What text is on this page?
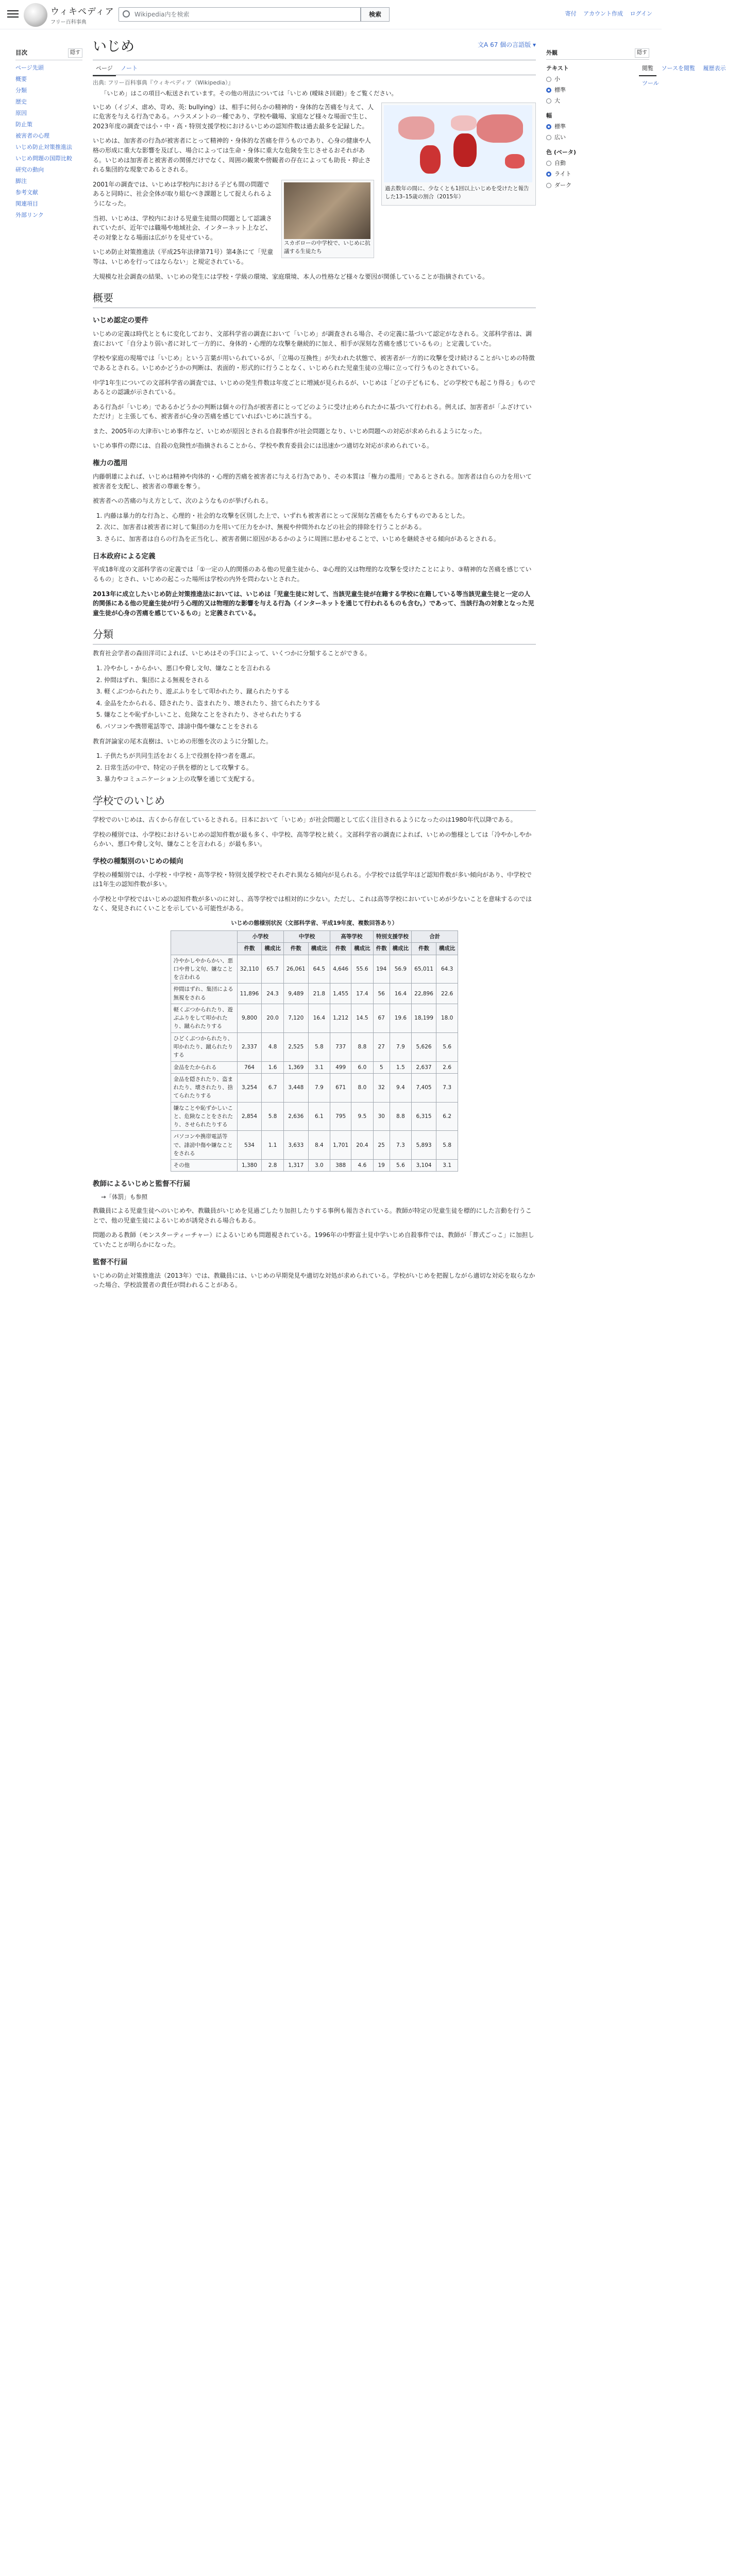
ウィキペディア
フリー百科事典
Wikipedia内を検索	検索	寄付 アカウント作成 ログイン
目次	隠す
ページ先頭
概要
分類
歴史
原因
防止策
被害者の心理
いじめ防止対策推進法
いじめ問題の国際比較
研究の動向
脚注
参考文献
関連項目
外部リンク
いじめ	文A 67 個の言語版 ▾
ページ ノート	閲覧 ソースを閲覧 履歴表示 ツール
出典: フリー百科事典『ウィキペディア（Wikipedia）』
「いじめ」はこの項目へ転送されています。その他の用法については「いじめ (曖昧さ回避)」をご覧ください。
過去数年の間に、少なくとも1回以上いじめを受けたと報告した13–15歳の割合（2015年）

いじめ（イジメ、虐め、苛め、英: bullying）は、相手に何らかの精神的・身体的な苦痛を与えて、人に危害を与える行為である。ハラスメントの一種であり、学校や職場、家庭など様々な場面で生じ、2023年度の調査では小・中・高・特別支援学校におけるいじめの認知件数は過去最多を記録した。

いじめは、加害者の行為が被害者にとって精神的・身体的な苦痛を伴うものであり、心身の健康や人格の形成に重大な影響を及ぼし、場合によっては生命・身体に重大な危険を生じさせるおそれがある。いじめは加害者と被害者の関係だけでなく、周囲の観衆や傍観者の存在によっても助長・抑止される集団的な現象であるとされる。

スカボローの中学校で、いじめに抗議する生徒たち

2001年の調査では、いじめは学校内における子ども間の問題であると同時に、社会全体が取り組むべき課題として捉えられるようになった。

当初、いじめは、学校内における児童生徒間の問題として認識されていたが、近年では職場や地域社会、インターネット上など、その対象となる場面は広がりを見せている。

いじめ防止対策推進法（平成25年法律第71号）第4条にて「児童等は、いじめを行ってはならない」と規定されている。

大規模な社会調査の結果、いじめの発生には学校・学級の環境、家庭環境、本人の性格など様々な要因が関係していることが指摘されている。

概要
いじめ認定の要件

いじめの定義は時代とともに変化しており、文部科学省の調査において「いじめ」が調査される場合、その定義に基づいて認定がなされる。文部科学省は、調査において「自分より弱い者に対して一方的に、身体的・心理的な攻撃を継続的に加え、相手が深刻な苦痛を感じているもの」と定義していた。

学校や家庭の現場では「いじめ」という言葉が用いられているが、「立場の互換性」が失われた状態で、被害者が一方的に攻撃を受け続けることがいじめの特徴であるとされる。いじめかどうかの判断は、表面的・形式的に行うことなく、いじめられた児童生徒の立場に立って行うものとされている。

中学1年生についての文部科学省の調査では、いじめの発生件数は年度ごとに増減が見られるが、いじめは「どの子どもにも、どの学校でも起こり得る」ものであるとの認識が示されている。

ある行為が「いじめ」であるかどうかの判断は個々の行為が被害者にとってどのように受け止められたかに基づいて行われる。例えば、加害者が「ふざけていただけ」と主張しても、被害者が心身の苦痛を感じていればいじめに該当する。

また、2005年の大津市いじめ事件など、いじめが原因とされる自殺事件が社会問題となり、いじめ問題への対応が求められるようになった。

いじめ事件の際には、自殺の危険性が指摘されることから、学校や教育委員会には迅速かつ適切な対応が求められている。

権力の濫用

内藤朝雄によれば、いじめは精神や肉体的・心理的苦痛を被害者に与える行為であり、その本質は「権力の濫用」であるとされる。加害者は自らの力を用いて被害者を支配し、被害者の尊厳を奪う。

被害者への苦痛の与え方として、次のようなものが挙げられる。

1. 内藤は暴力的な行為と、心理的・社会的な攻撃を区別した上で、いずれも被害者にとって深刻な苦痛をもたらすものであるとした。
2. 次に、加害者は被害者に対して集団の力を用いて圧力をかけ、無視や仲間外れなどの社会的排除を行うことがある。
3. さらに、加害者は自らの行為を正当化し、被害者側に原因があるかのように周囲に思わせることで、いじめを継続させる傾向があるとされる。
日本政府による定義

平成18年度の文部科学省の定義では「①一定の人的関係のある他の児童生徒から、②心理的又は物理的な攻撃を受けたことにより、③精神的な苦痛を感じているもの」とされ、いじめの起こった場所は学校の内外を問わないとされた。

2013年に成立したいじめ防止対策推進法においては、いじめは「児童生徒に対して、当該児童生徒が在籍する学校に在籍している等当該児童生徒と一定の人的関係にある他の児童生徒が行う心理的又は物理的な影響を与える行為（インターネットを通じて行われるものも含む。）であって、当該行為の対象となった児童生徒が心身の苦痛を感じているもの」と定義されている。

分類

教育社会学者の森田洋司によれば、いじめはその手口によって、いくつかに分類することができる。

1. 冷やかし・からかい、悪口や脅し文句、嫌なことを言われる
2. 仲間はずれ、集団による無視をされる
3. 軽くぶつかられたり、遊ぶふりをして叩かれたり、蹴られたりする
4. 金品をたかられる、隠されたり、盗まれたり、壊されたり、捨てられたりする
5. 嫌なことや恥ずかしいこと、危険なことをされたり、させられたりする
6. パソコンや携帯電話等で、誹謗中傷や嫌なことをされる

教育評論家の尾木直樹は、いじめの形態を次のように分類した。

1. 子供たちが共同生活をおくる上で役割を持つ者を選ぶ。
2. 日常生活の中で、特定の子供を標的として攻撃する。
3. 暴力やコミュニケーション上の攻撃を通じて支配する。
学校でのいじめ

学校でのいじめは、古くから存在しているとされる。日本において「いじめ」が社会問題として広く注目されるようになったのは1980年代以降である。

学校の種別では、小学校におけるいじめの認知件数が最も多く、中学校、高等学校と続く。文部科学省の調査によれば、いじめの態様としては「冷やかしやからかい、悪口や脅し文句、嫌なことを言われる」が最も多い。

学校の種類別のいじめの傾向

学校の種類別では、小学校・中学校・高等学校・特別支援学校でそれぞれ異なる傾向が見られる。小学校では低学年ほど認知件数が多い傾向があり、中学校では1年生の認知件数が多い。

小学校と中学校ではいじめの認知件数が多いのに対し、高等学校では相対的に少ない。ただし、これは高等学校においていじめが少ないことを意味するのではなく、発見されにくいことを示している可能性がある。

いじめの態様別状況（文部科学省、平成19年度、複数回答あり）
	小学校		中学校		高等学校		特別支援学校		合計	
	件数	構成比	件数	構成比	件数	構成比	件数	構成比	件数	構成比
冷やかしやからかい、悪口や脅し文句、嫌なことを言われる	32,110	65.7	26,061	64.5	4,646	55.6	194	56.9	65,011	64.3
仲間はずれ、集団による無視をされる	11,896	24.3	9,489	21.8	1,455	17.4	56	16.4	22,896	22.6
軽くぶつかられたり、遊ぶふりをして叩かれたり、蹴られたりする	9,800	20.0	7,120	16.4	1,212	14.5	67	19.6	18,199	18.0
ひどくぶつかられたり、叩かれたり、蹴られたりする	2,337	4.8	2,525	5.8	737	8.8	27	7.9	5,626	5.6
金品をたかられる	764	1.6	1,369	3.1	499	6.0	5	1.5	2,637	2.6
金品を隠されたり、盗まれたり、壊されたり、捨てられたりする	3,254	6.7	3,448	7.9	671	8.0	32	9.4	7,405	7.3
嫌なことや恥ずかしいこと、危険なことをされたり、させられたりする	2,854	5.8	2,636	6.1	795	9.5	30	8.8	6,315	6.2
パソコンや携帯電話等で、誹謗中傷や嫌なことをされる	534	1.1	3,633	8.4	1,701	20.4	25	7.3	5,893	5.8
その他	1,380	2.8	1,317	3.0	388	4.6	19	5.6	3,104	3.1
教師によるいじめと監督不行届
→「体罰」も参照

教職員による児童生徒へのいじめや、教職員がいじめを見過ごしたり加担したりする事例も報告されている。教師が特定の児童生徒を標的にした言動を行うことで、他の児童生徒によるいじめが誘発される場合もある。

問題のある教師（モンスターティーチャー）によるいじめも問題視されている。1996年の中野富士見中学いじめ自殺事件では、教師が「葬式ごっこ」に加担していたことが明らかになった。

監督不行届

いじめの防止対策推進法（2013年）では、教職員には、いじめの早期発見や適切な対処が求められている。学校がいじめを把握しながら適切な対応を取らなかった場合、学校設置者の責任が問われることがある。

隠す
外観
テキスト
小
標準
大
幅
標準
広い
色 (ベータ)
自動
ライト
ダーク
